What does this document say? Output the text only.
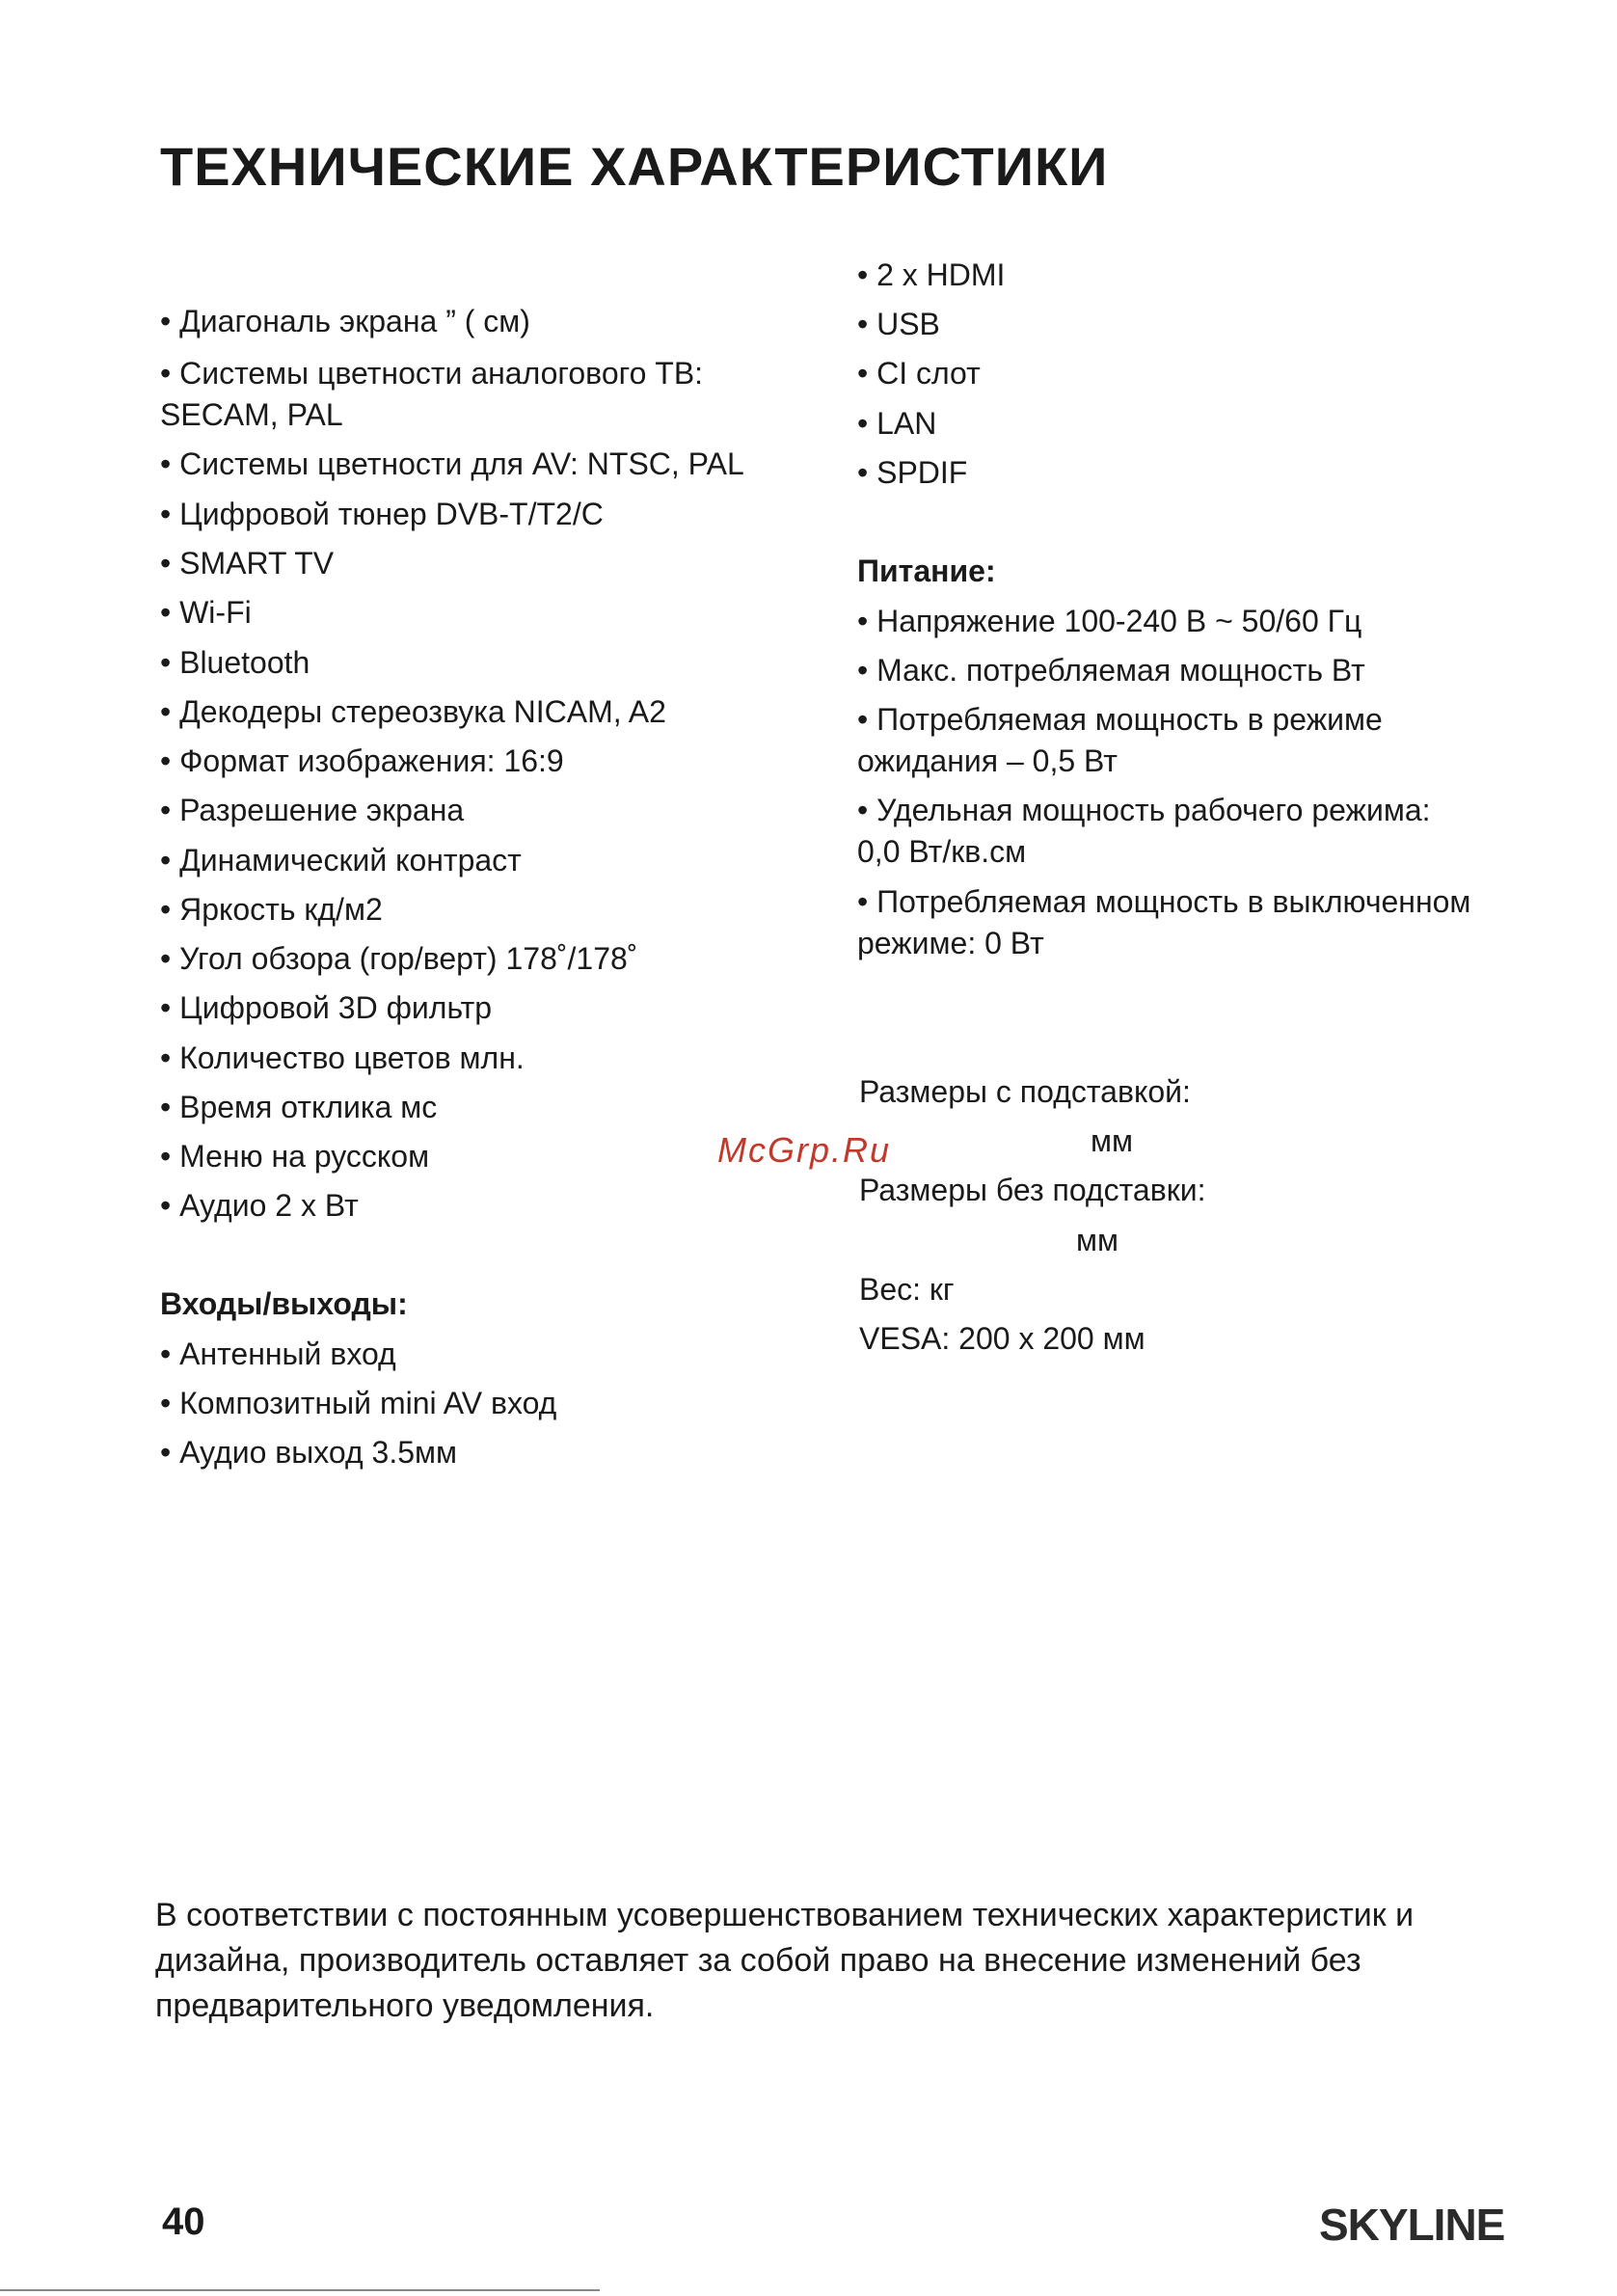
ТЕХНИЧЕСКИЕ ХАРАКТЕРИСТИКИ
• Диагональ экрана ” ( см)
• Системы цветности аналогового ТВ:
SECAM, PAL
• Системы цветности для AV: NTSC, PAL
• Цифровой тюнер DVB-T/T2/C
• SMART TV
• Wi-Fi
• Bluetooth
• Декодеры стереозвука NICAM, A2
• Формат изображения: 16:9
• Разрешение экрана
• Динамический контраст
• Яркость кд/м2
• Угол обзора (гор/верт) 178˚/178˚
• Цифровой 3D фильтр
• Количество цветов млн.
• Время отклика мс
• Меню на русском
• Аудио 2 х Вт
Входы/выходы:
• Антенный вход
• Композитный mini AV вход
• Аудио выход 3.5мм
• 2 x HDMI
• USB
• CI слот
• LAN
• SPDIF
Питание:
• Напряжение 100-240 В ~ 50/60 Гц
• Макс. потребляемая мощность Вт
• Потребляемая мощность в режиме
ожидания – 0,5 Вт
• Удельная мощность рабочего режима:
0,0 Вт/кв.см
• Потребляемая мощность в выключенном
режиме: 0 Вт
Размеры с подставкой:
мм
Размеры без подставки:
мм
Вес: кг
VESA: 200 x 200 мм
McGrp.Ru
В соответствии с постоянным усовершенствованием технических характеристик и дизайна, производитель оставляет за собой право на внесение изменений без предварительного уведомления.
40	SKYLINE
